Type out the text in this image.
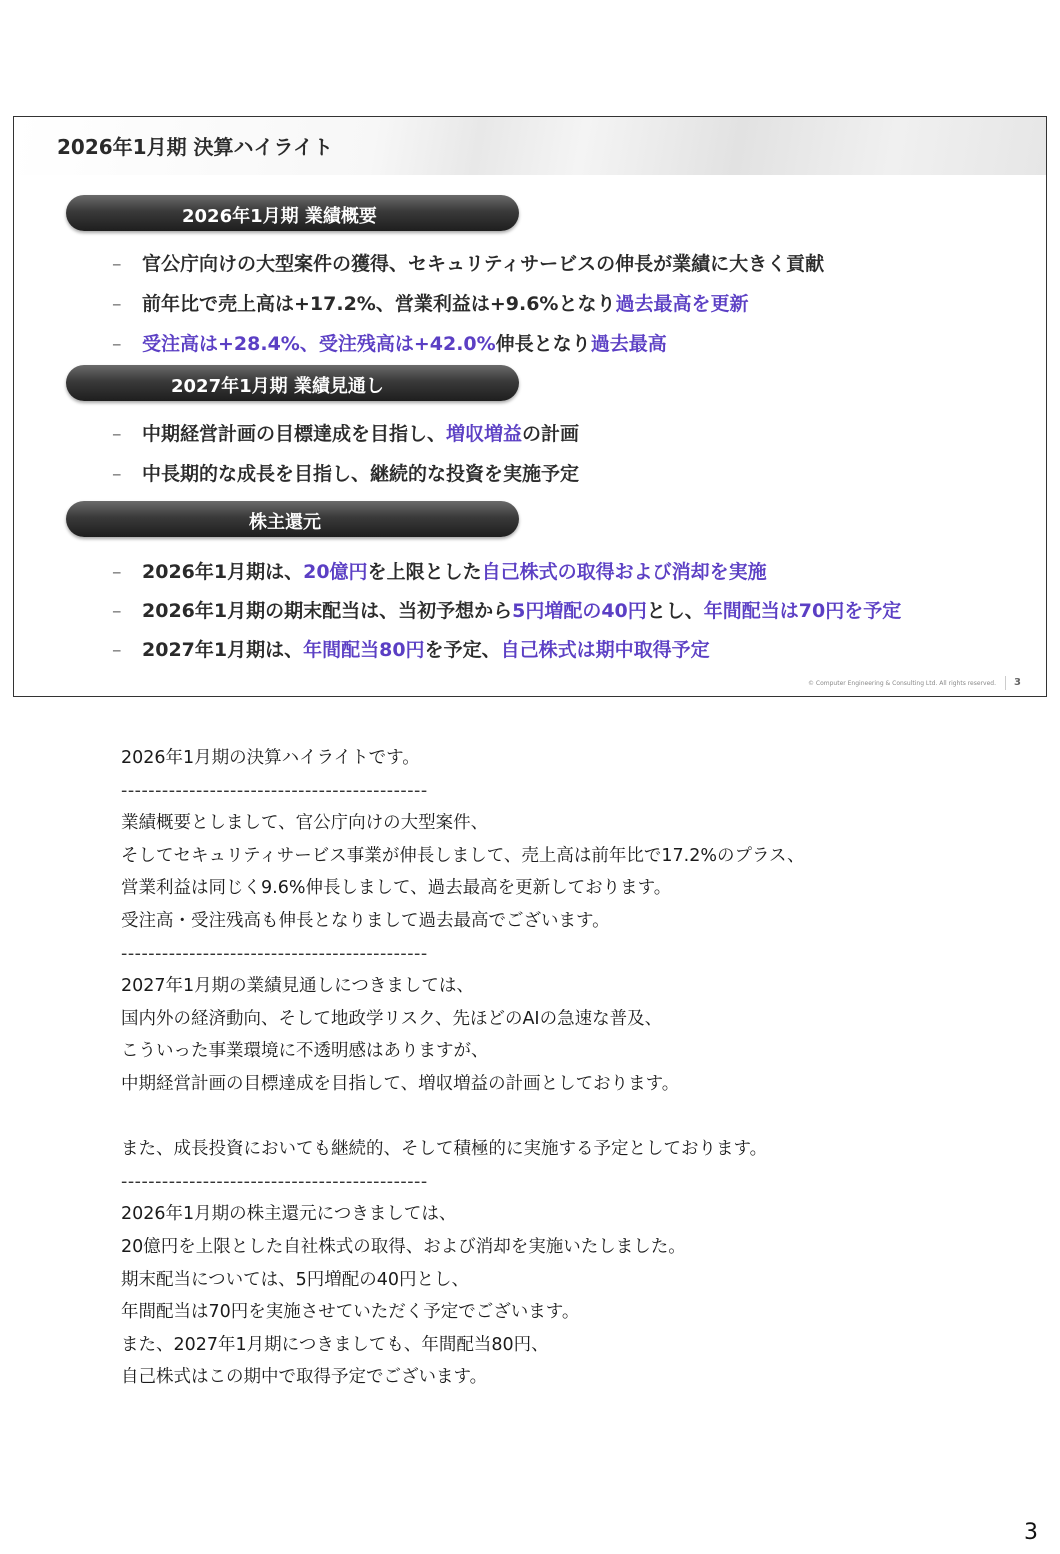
2026年1月期 決算ハイライト
2026年1月期 業績概要
– 官公庁向けの大型案件の獲得、セキュリティサービスの伸長が業績に大きく貢献
– 前年比で売上高は+17.2%、営業利益は+9.6%となり過去最高を更新
– 受注高は+28.4%、受注残高は+42.0%伸長となり過去最高
2027年1月期 業績見通し
– 中期経営計画の目標達成を目指し、増収増益の計画
– 中長期的な成長を目指し、継続的な投資を実施予定
株主還元
– 2026年1月期は、20億円を上限とした自己株式の取得および消却を実施
– 2026年1月期の期末配当は、当初予想から5円増配の40円とし、年間配当は70円を予定
– 2027年1月期は、年間配当80円を予定、自己株式は期中取得予定
© Computer Engineering & Consulting Ltd. All rights reserved. 3
2026年1月期の決算ハイライトです。
---------------------------------------------
業績概要としまして、官公庁向けの大型案件、
そしてセキュリティサービス事業が伸長しまして、売上高は前年比で17.2%のプラス、
営業利益は同じく9.6%伸長しまして、過去最高を更新しております。
受注高・受注残高も伸長となりまして過去最高でございます。
---------------------------------------------
2027年1月期の業績見通しにつきましては、
国内外の経済動向、そして地政学リスク、先ほどのAIの急速な普及、
こういった事業環境に不透明感はありますが、
中期経営計画の目標達成を目指して、増収増益の計画としております。
また、成長投資においても継続的、そして積極的に実施する予定としております。
---------------------------------------------
2026年1月期の株主還元につきましては、
20億円を上限とした自社株式の取得、および消却を実施いたしました。
期末配当については、5円増配の40円とし、
年間配当は70円を実施させていただく予定でございます。
また、2027年1月期につきましても、年間配当80円、
自己株式はこの期中で取得予定でございます。
3
